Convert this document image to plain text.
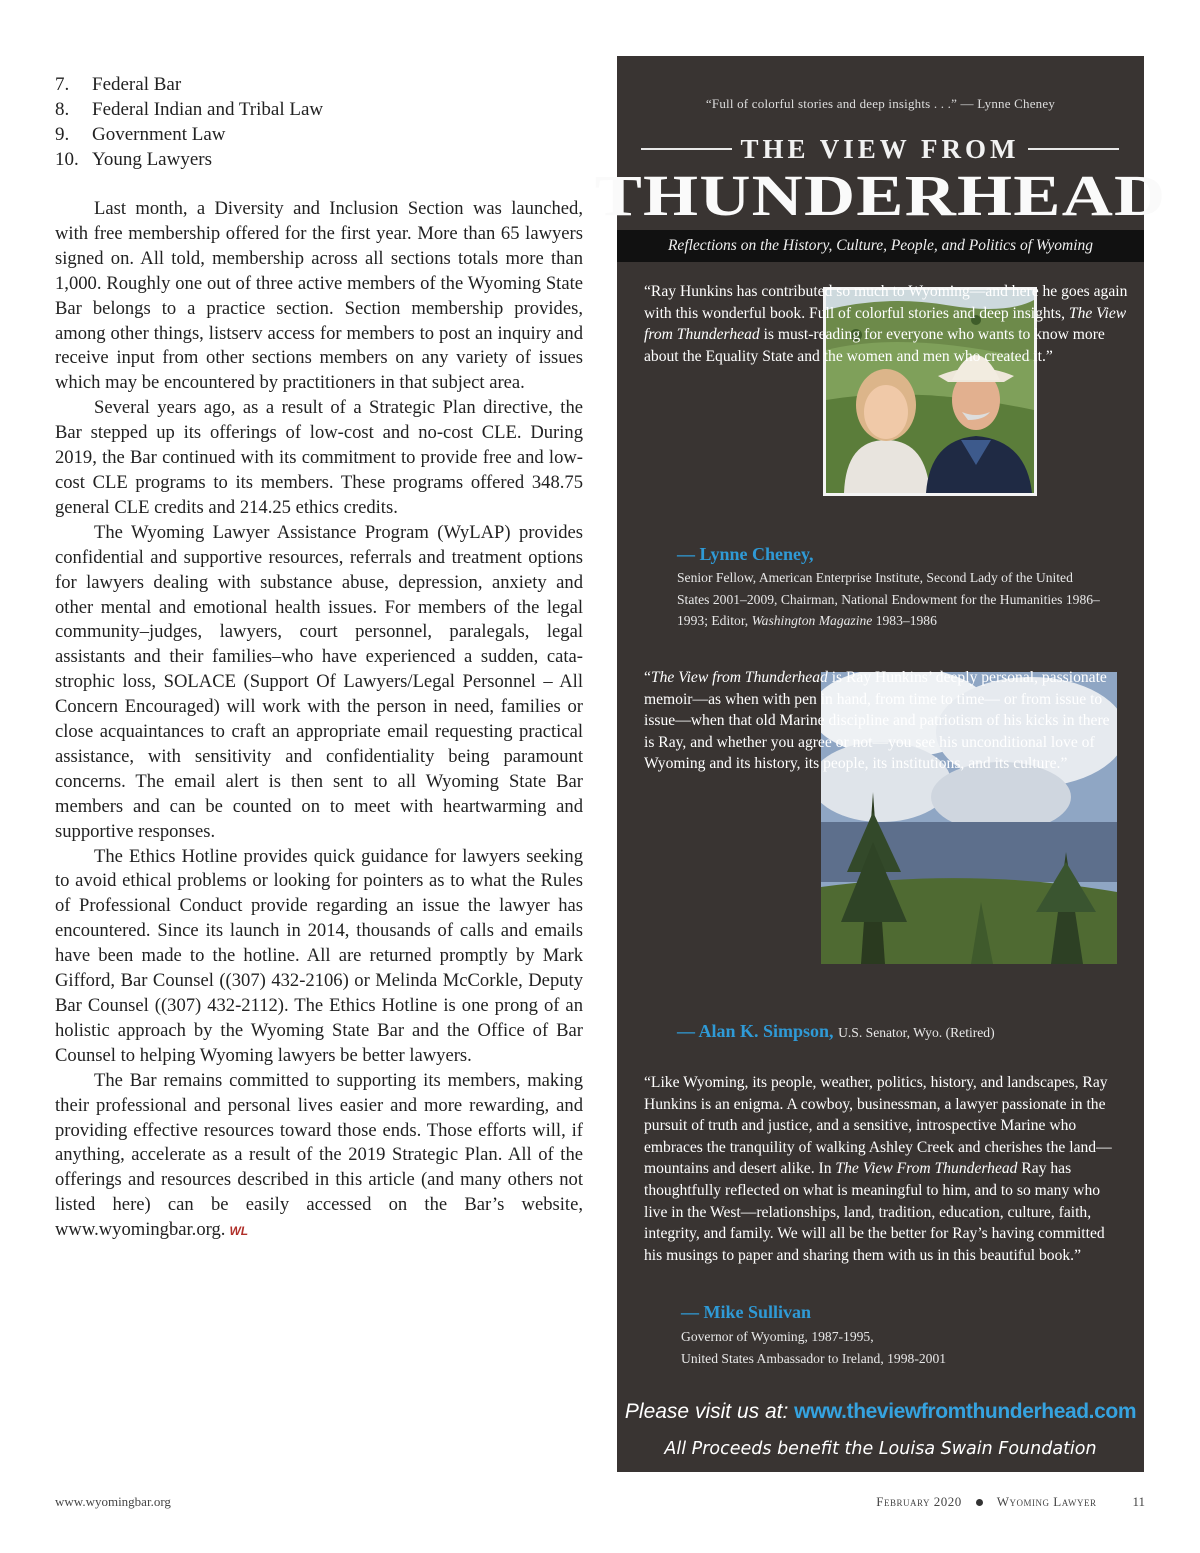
7.	Federal Bar
8.	Federal Indian and Tribal Law
9.	Government Law
10. Young Lawyers

Last month, a Diversity and Inclusion Section was launched, with free membership offered for the first year. More than 65 lawyers signed on. All told, membership across all sections totals more than 1,000. Roughly one out of three active members of the Wyoming State Bar belongs to a practice section. Section membership provides, among other things, listserv access for members to post an inquiry and receive input from other sections members on any variety of issues which may be encountered by practitioners in that subject area.

Several years ago, as a result of a Strategic Plan directive, the Bar stepped up its offerings of low-cost and no-cost CLE. During 2019, the Bar continued with its commitment to provide free and low-cost CLE programs to its members. These programs offered 348.75 general CLE credits and 214.25 ethics credits.

The Wyoming Lawyer Assistance Program (WyLAP) provides confidential and supportive resources, referrals and treatment options for lawyers dealing with substance abuse, depression, anxiety and other mental and emotional health issues. For members of the legal community–judges, lawyers, court personnel, paralegals, legal assistants and their families–who have experienced a sudden, catastrophic loss, SOLACE (Support Of Lawyers/Legal Personnel – All Concern Encouraged) will work with the person in need, families or close acquaintances to craft an appropriate email requesting practical assistance, with sensitivity and confidentiality being paramount concerns. The email alert is then sent to all Wyoming State Bar members and can be counted on to meet with heartwarming and supportive responses.

The Ethics Hotline provides quick guidance for lawyers seeking to avoid ethical problems or looking for pointers as to what the Rules of Professional Conduct provide regarding an issue the lawyer has encountered. Since its launch in 2014, thousands of calls and emails have been made to the hotline. All are returned promptly by Mark Gifford, Bar Counsel ((307) 432-2106) or Melinda McCorkle, Deputy Bar Counsel ((307) 432-2112). The Ethics Hotline is one prong of an holistic approach by the Wyoming State Bar and the Office of Bar Counsel to helping Wyoming lawyers be better lawyers.

The Bar remains committed to supporting its members, making their professional and personal lives easier and more rewarding, and providing effective resources toward those ends. Those efforts will, if anything, accelerate as a result of the 2019 Strategic Plan. All of the offerings and resources described in this article (and many others not listed here) can be easily accessed on the Bar’s website, www.wyomingbar.org. WL

“Full of colorful stories and deep insights . . .” — Lynne Cheney
THE VIEW FROM
THUNDERHEAD
Reflections on the History, Culture, People, and Politics of Wyoming
“Ray Hunkins has contributed so much to Wyoming—and here he goes again with this wonderful book. Full of colorful stories and deep insights, The View from Thunderhead is must-reading for everyone who wants to know more about the Equality State and the women and men who created it.”
— Lynne Cheney,
Senior Fellow, American Enterprise Institute, Second Lady of the United States 2001–2009, Chairman, National Endowment for the Humanities 1986–1993; Editor, Washington Magazine 1983–1986
“The View from Thunderhead is Ray Hunkins’ deeply personal, passionate memoir—as when with pen in hand, from time to time— or from issue to issue—when that old Marine discipline and patriotism of his kicks in there is Ray, and whether you agree or not—you see his unconditional love of Wyoming and its history, its people, its institutions, and its culture.”
— Alan K. Simpson, U.S. Senator, Wyo. (Retired)
“Like Wyoming, its people, weather, politics, history, and landscapes, Ray Hunkins is an enigma. A cowboy, businessman, a lawyer passionate in the pursuit of truth and justice, and a sensitive, introspective Marine who embraces the tranquility of walking Ashley Creek and cherishes the land—mountains and desert alike. In The View From Thunderhead Ray has thoughtfully reflected on what is meaningful to him, and to so many who live in the West—relationships, land, tradition, education, culture, faith, integrity, and family. We will all be the better for Ray’s having committed his musings to paper and sharing them with us in this beautiful book.”
— Mike Sullivan
Governor of Wyoming, 1987-1995,
United States Ambassador to Ireland, 1998-2001
Please visit us at: www.theviewfromthunderhead.com
All Proceeds benefit the Louisa Swain Foundation
www.wyomingbar.org	February 2020	Wyoming Lawyer	11
